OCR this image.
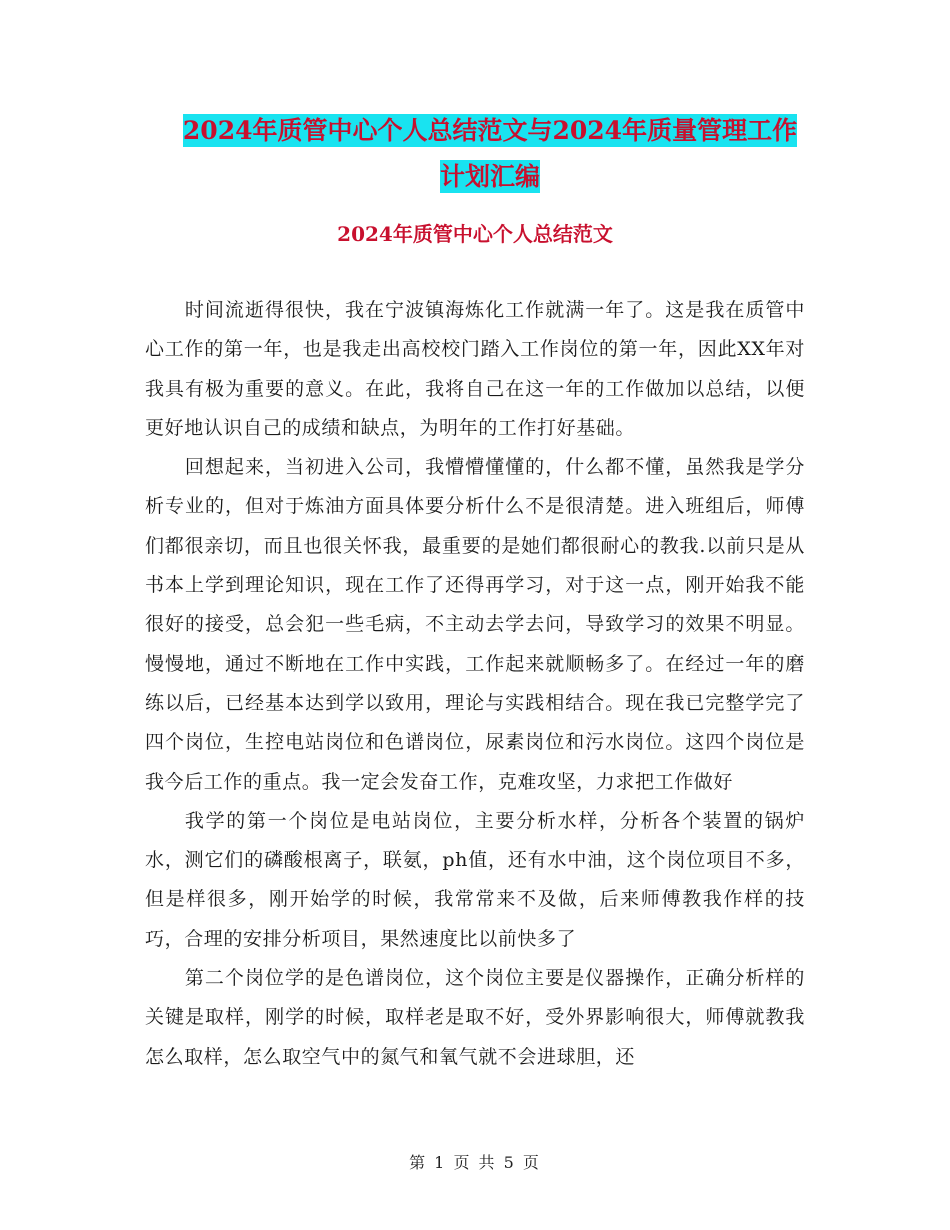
2024年质管中心个人总结范文与2024年质量管理工作
计划汇编
2024年质管中心个人总结范文

时间流逝得很快，我在宁波镇海炼化工作就满一年了。这是我在质管中心工作的第一年，也是我走出高校校门踏入工作岗位的第一年，因此XX年对我具有极为重要的意义。在此，我将自己在这一年的工作做加以总结，以便更好地认识自己的成绩和缺点，为明年的工作打好基础。

回想起来，当初进入公司，我懵懵懂懂的，什么都不懂，虽然我是学分析专业的，但对于炼油方面具体要分析什么不是很清楚。进入班组后，师傅们都很亲切，而且也很关怀我，最重要的是她们都很耐心的教我.以前只是从书本上学到理论知识，现在工作了还得再学习，对于这一点，刚开始我不能很好的接受，总会犯一些毛病，不主动去学去问，导致学习的效果不明显。慢慢地，通过不断地在工作中实践，工作起来就顺畅多了。在经过一年的磨练以后，已经基本达到学以致用，理论与实践相结合。现在我已完整学完了四个岗位，生控电站岗位和色谱岗位，尿素岗位和污水岗位。这四个岗位是我今后工作的重点。我一定会发奋工作，克难攻坚，力求把工作做好

我学的第一个岗位是电站岗位，主要分析水样，分析各个装置的锅炉水，测它们的磷酸根离子，联氨，ph值，还有水中油，这个岗位项目不多，但是样很多，刚开始学的时候，我常常来不及做，后来师傅教我作样的技巧，合理的安排分析项目，果然速度比以前快多了

第二个岗位学的是色谱岗位，这个岗位主要是仪器操作，正确分析样的关键是取样，刚学的时候，取样老是取不好，受外界影响很大，师傅就教我怎么取样，怎么取空气中的氮气和氧气就不会进球胆，还

第 1 页 共 5 页
